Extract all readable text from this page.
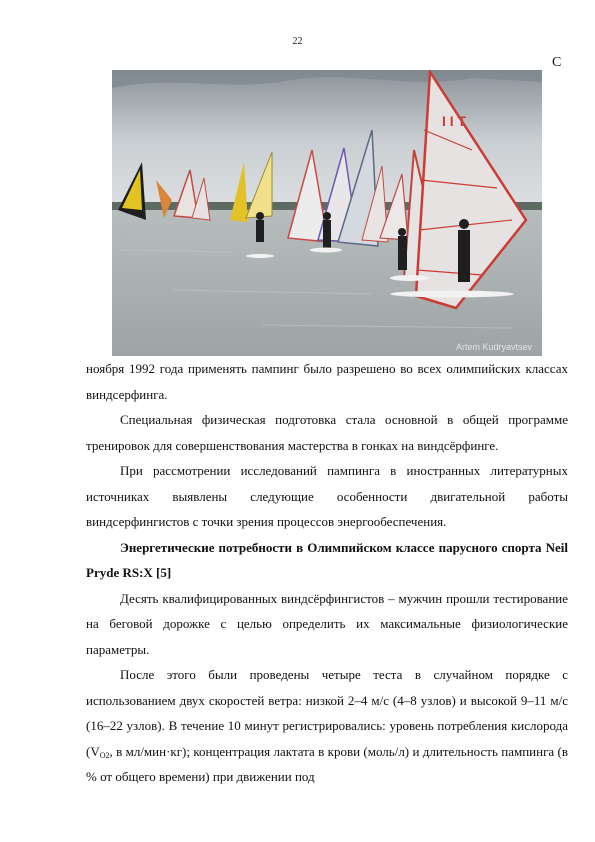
22
С
I I T
Artem Kudryavtsev

ноября 1992 года применять пампинг было разрешено во всех олимпийских классах виндсерфинга.

Специальная физическая подготовка стала основной в общей программе тренировок для совершенствования мастерства в гонках на виндсёрфинге.

При рассмотрении исследований пампинга в иностранных литературных источниках выявлены следующие особенности двигательной работы виндсерфингистов с точки зрения процессов энергообеспечения.

Энергетические потребности в Олимпийском классе парусного спорта Neil Pryde RS:X [5]

Десять квалифицированных виндсёрфингистов – мужчин прошли тестирование на беговой дорожке с целью определить их максимальные физиологические параметры.

После этого были проведены четыре теста в случайном порядке с использованием двух скоростей ветра: низкой 2–4 м/с (4–8 узлов) и высокой 9–11 м/с (16–22 узлов). В течение 10 минут регистрировались: уровень потребления кислорода ($V_{O2}$, в мл/мин·кг); концентрация лактата в крови (моль/л) и длительность пампинга (в % от общего времени) при движении под
